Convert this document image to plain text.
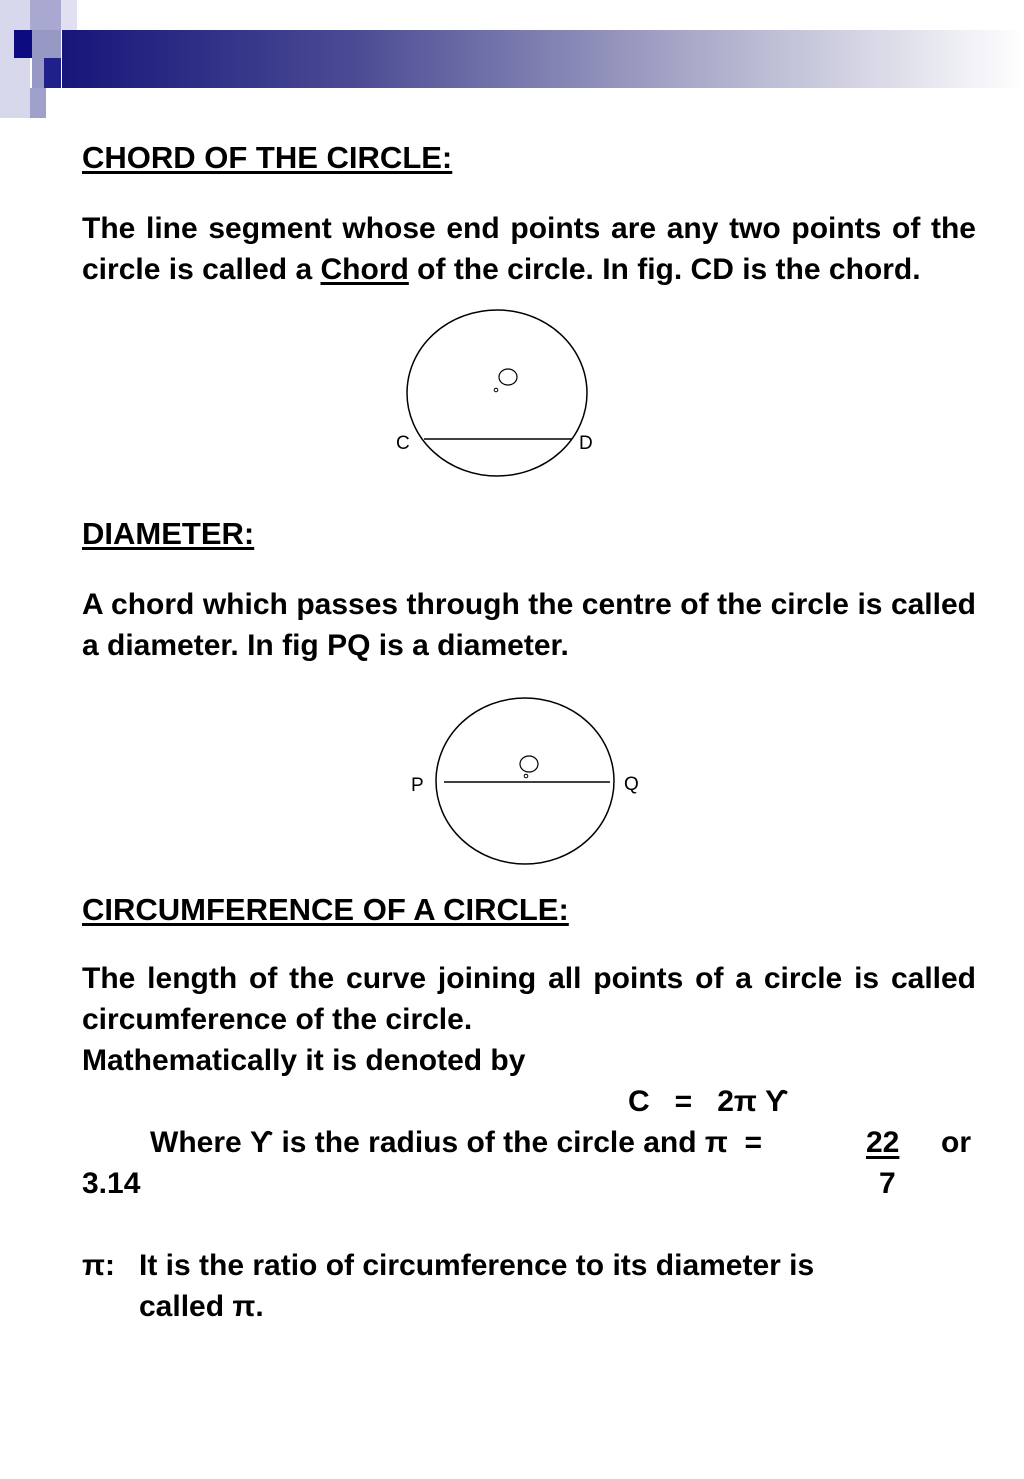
CHORD OF THE CIRCLE:

The line segment whose end points are any two points of the circle is called a Chord of the circle. In fig. CD is the chord.

C	D
DIAMETER:

A chord which passes through the centre of the circle is called a diameter. In fig PQ is a diameter.

P	Q
CIRCUMFERENCE OF A CIRCLE:

The length of the curve joining all points of a circle is called circumference of the circle.

Mathematically it is denoted by

C   =   2π ϒ

Where ϒ is the radius of the circle and π  =	22 or

3.14	7

π: It is the ratio of circumference to its diameter is

called π.
